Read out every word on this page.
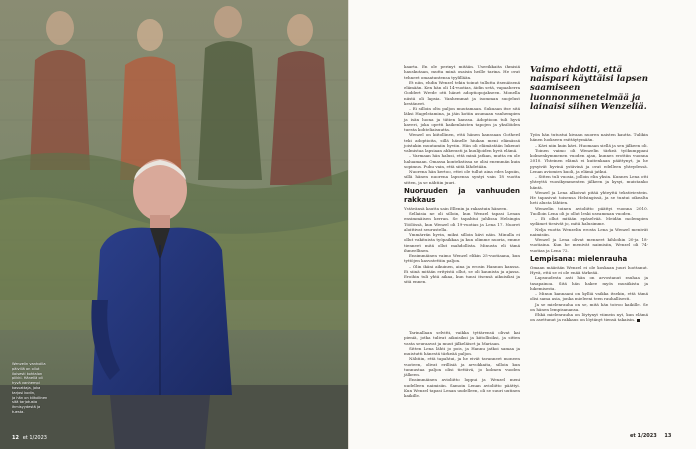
Wenzelin vanhoilla

päivillä on ollut

iloisesti kohtalon

piikki. Hänellä oli

hyvä vanhempi

kasvattaja, joka

tarjosi kodin,

ja hän on kiitollinen

sitä tarjotusta

ihmisyydestä ja

tuesta.

12 et 1/2023

kaarta. En ole perinyt mitään. Useeikkaita ihmisiä hauskutaan, mutta minä osaisin heille tarina. He ovat tehneet omaatuntensa tyylillään.

Et niin, ehdin Wenzel tekin toinut tullutta itsenäisenä elämään. Ken hän oli 14-vuotias, äidin setä, vapaaherra Goddert Wrede otti hänet adoptiopojakseen. Monella niistä oli lapsia. Vanhemmat ja isomman suojelust kestäneet.

– Ei silloin oltu paljon muutamaan. Sukuaan itse sitä läksi Hagelstamina, ja jäin kotiin asumaan vanhempien ja isän luona ja tätien kanssa. Adoptioon tuli hyvä kaveri, joka opetti kaikenlaisten tapojen ja yksilöiden tuesta kohteliaisuutta.

Wenzel on kiitollinen, että hänen kanssaan Gotherd teki adoptioita, sillä hänelle hiukan meni elämässä joistakin muutamiin hyviin. Hän oli elämästään lukenut valmistaa lapsiaan ahkerasti ja kuulijoiden hyvä elämä.

– Varmaan hän halusi, että minä jatkan, mutta en ole haluamaan. Omassa kontekstissa se olisi enemmän kuin sopimus. Puhu vain, että siitä lähdetään.

Nuorena hän kertoo, ettei ole tullut aina edes lapsiin, sillä hänen nuorena lapsensa syntyi vain 18 vuotta sitten, ja se nähtiin juuri.

Nuoruuden ja vanhuuden rakkaus

Ystävänsä kautta sain Ellenin ja rakastuin häneen.

Sellaisia ne oli silloin, kun Wenzel tapasi Lenan ensimmäisen kerran. Se tapahtui juhlissa Helsingin Töölössä, kun Wenzel oli 19-vuotias ja Lena 17. Nuoret aloittivat seurustella.

Ymmärrän hyvin, miksi silloin kävi näin. Minulla ei ollut vakituista työpaikkaa ja kun olimme nuoria, emme tienneet mitä ollut mahdollista. Minusta eli tämä ihmeellinen.

Ensimmäinen vaimo Wenzel elikin 25-vuotiaana, kun tyttöjen kasvatettiin paljon.

– Olin ikäni aikuinen, aina ja erosin Hannun kanssa. Ei siinä mitään erityistä ollut, se oli kaunista ja ajassa. Eroihin tuli yhtä aikaa, kun tunsi itsensä aikuisiksi ja sitä ennen.

Tarinallaan selvitti, vaikka tyttärensä olivat kai pieniä, jotka tulivat aikuisiksi ja kiitollisiksi, ja sitten vasta seuraavat ja muut jälkeläiset ja Mariaan.

Sitten Lena lähti jo pois, ja Hannu jatkoi samaa ja muistutti hänestä tärkeää paljon.

Nähtiin, että tapahtui, ja he eivät tavanneet moneen vuoteen, olivat erillisiä ja arvokkaita, silloin kun tunnustaa paljon olisi tiettävä, jo kolmen vuoden jälkeen.

Ensimmäinen avioliitto loppui ja Wenzel meni uudelleen naimisiin. Samoin Lenan avioliitto päättyi. Kun Wenzel tapasi Lenan uudelleen, oli se suuri uutinen kaikille.

Vaimo ehdotti, että naispari käyttäisi lapsen saamiseen luonnonmenetelmää ja lainaisi siihen Wenzeliä.

Työn hän tutustui kivaan nuoren naisten kautta. Tulikin hänen luokseen esittäytymään.

– Kävi niin kuin kävi. Huomaan siellä ja sen jälkeen oli.

Toinen vaimo oli Wenzelin tärkeä työkumppani kolmenkymmenen vuoden ajan, kunnes erottiin vuonna 2010. Yhteinen elämä ei kuitenkaan päättynyt, ja he pysyivät hyvinä ystävinä ja ovat edelleen yhteydessä. Lenan aviomies kuoli, ja elämä jatkui.

– Sitten tuli vuosia, jolloin elin yksin. Kunnes Lena otti yhteyttä vuosikymmenten jälkeen ja kysyi, muistanko häntä.

Wenzel ja Lena alkoivat pitää yhteyttä tekstiviestein. He tapasivat toisensa Helsingissä, ja se tuntui oikealta heti alusta lähtien.

Wenzelin toinen avioliitto päättyi vuonna 2010. Tuolloin Lena oli jo ollut leski useamman vuoden.

– Ei ollut mitään epäselvää. Meidän molempien sydämet tiesivät jo, mitä halusimme.

Nelja vuotta Wenzelin erosta Lena ja Wenzel menivät naimisiin.

Wenzel ja Lena olivat menneet kihloihin 20-ja 18-vuotiaina. Kun he menivät naimisiin, Wenzel oli 74-vuotias ja Lena 72.

Lempisana: mielenrauha

Omaan määrään Wenzel ei ole koskaan juuri luottanut. Hyvä, että se ei ole enää tärkeää.

Lapsuudesta asti hän on arvostanut rauhaa ja tasapainoa. Sitä hän hakee myös musiikista ja lukemisesta.

– Minun kannaani on kylliä vaikka itsekin, että tämä olisi sama asia, jonka mieleeni teen rauhallisesti.

Ja se mielenrauha on se, mitä hän toivoo kaikille. Se on hänen lempisanansa.

Ehkä mielenrauha on löytynyt viimein nyt, kun elämä on asettunut ja rakkaus on löytänyt tiensä takaisin.

et 1/2023 13
